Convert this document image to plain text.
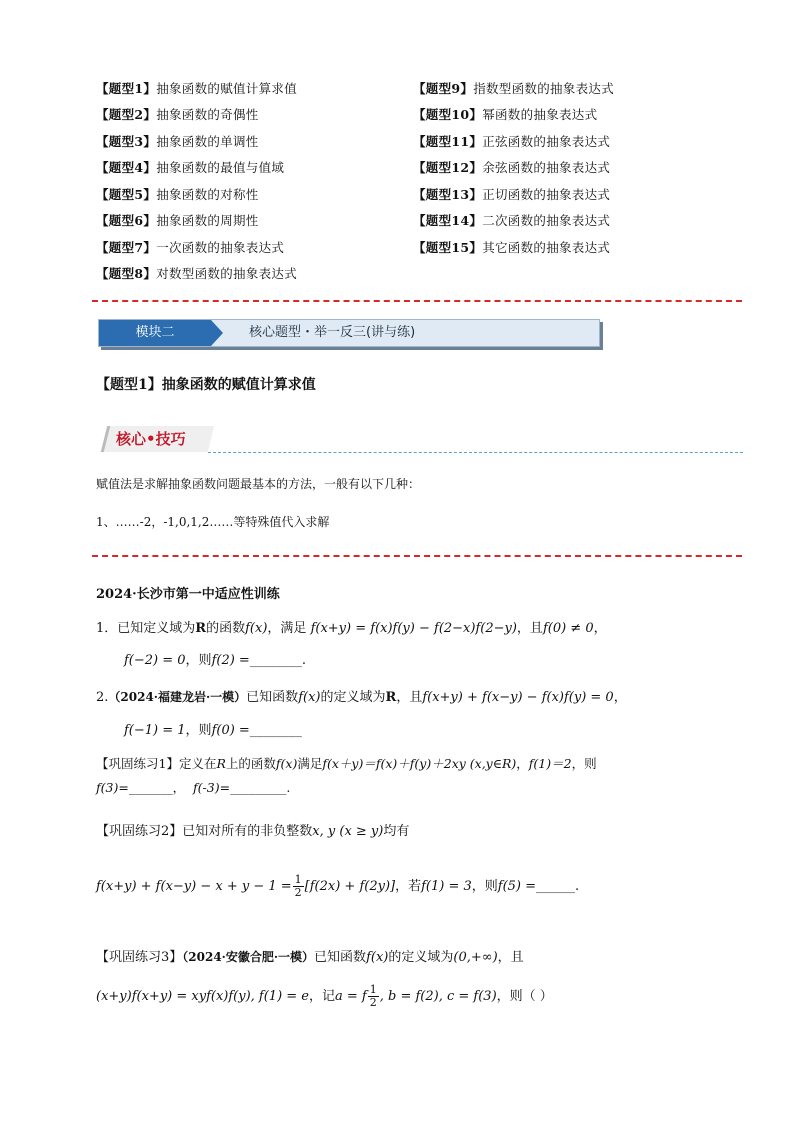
【题型1】抽象函数的赋值计算求值
【题型2】抽象函数的奇偶性
【题型3】抽象函数的单调性
【题型4】抽象函数的最值与值域
【题型5】抽象函数的对称性
【题型6】抽象函数的周期性
【题型7】一次函数的抽象表达式
【题型8】对数型函数的抽象表达式
【题型9】指数型函数的抽象表达式
【题型10】幂函数的抽象表达式
【题型11】正弦函数的抽象表达式
【题型12】余弦函数的抽象表达式
【题型13】正切函数的抽象表达式
【题型14】二次函数的抽象表达式
【题型15】其它函数的抽象表达式
模块二	核心题型・举一反三(讲与练)
【题型1】抽象函数的赋值计算求值
核心•技巧
赋值法是求解抽象函数问题最基本的方法，一般有以下几种：
1、……-2，-1,0,1,2……等特殊值代入求解
2024·长沙市第一中适应性训练
1．已知定义域为R的函数f(x)，满足 f(x+y) = f(x)f(y) − f(2−x)f(2−y)，且f(0) ≠ 0，
f(−2) = 0，则f(2) =________.
2.（2024·福建龙岩·一模）已知函数f(x)的定义域为R，且f(x+y) + f(x−y) − f(x)f(y) = 0，
f(−1) = 1，则f(0) =________
【巩固练习1】定义在R上的函数f(x)满足f(x＋y)＝f(x)＋f(y)＋2xy (x,y∈R)，f(1)＝2，则
f(3)=_______， f(-3)=_________.
【巩固练习2】已知对所有的非负整数x, y (x ≥ y)均有
$f(x+y) + f(x-y) - x + y - 1 = \frac{1}{2} [f(2x) + f(2y)]$，若f(1) = 3，则f(5) =______.
【巩固练习3】（2024·安徽合肥·一模）已知函数f(x)的定义域为(0,+∞)，且
(x+y)f(x+y) = xyf(x)f(y), f(1) = e，记a = f $\frac{1}{2}$ , b = f(2), c = f(3)，则（ ）
